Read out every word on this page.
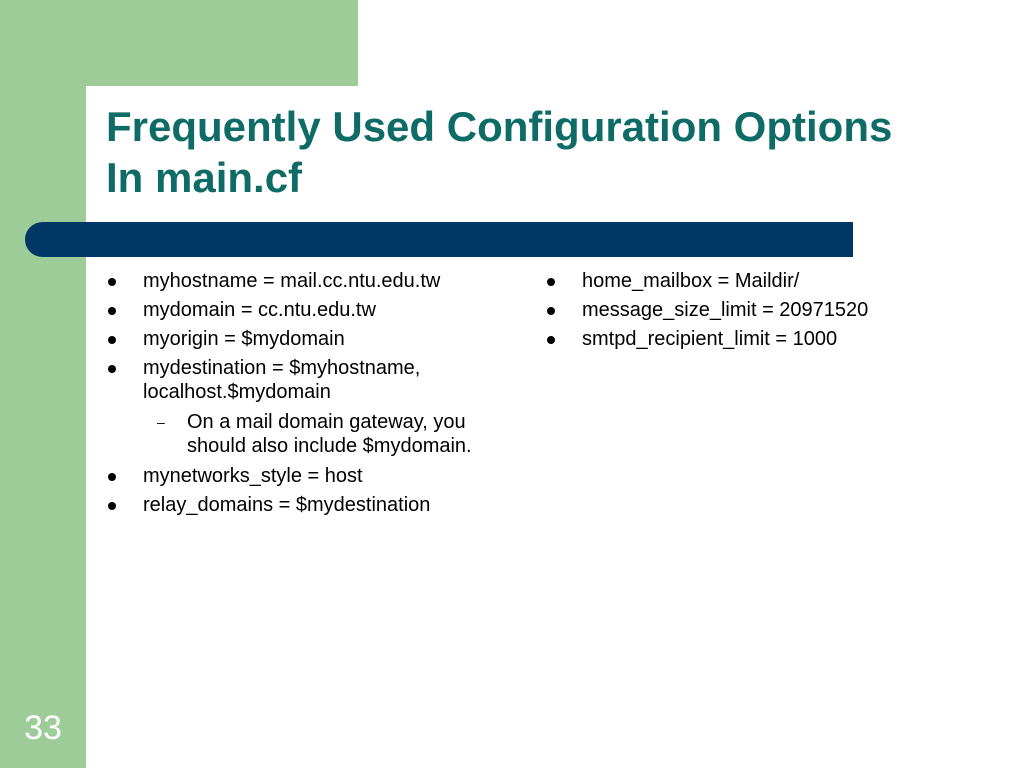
Frequently Used Configuration Options
In main.cf
myhostname = mail.cc.ntu.edu.tw
mydomain = cc.ntu.edu.tw
myorigin = $mydomain
mydestination = $myhostname, localhost.$mydomain
– On a mail domain gateway, you should also include $mydomain.
mynetworks_style = host
relay_domains = $mydestination
home_mailbox = Maildir/
message_size_limit = 20971520
smtpd_recipient_limit = 1000
33
